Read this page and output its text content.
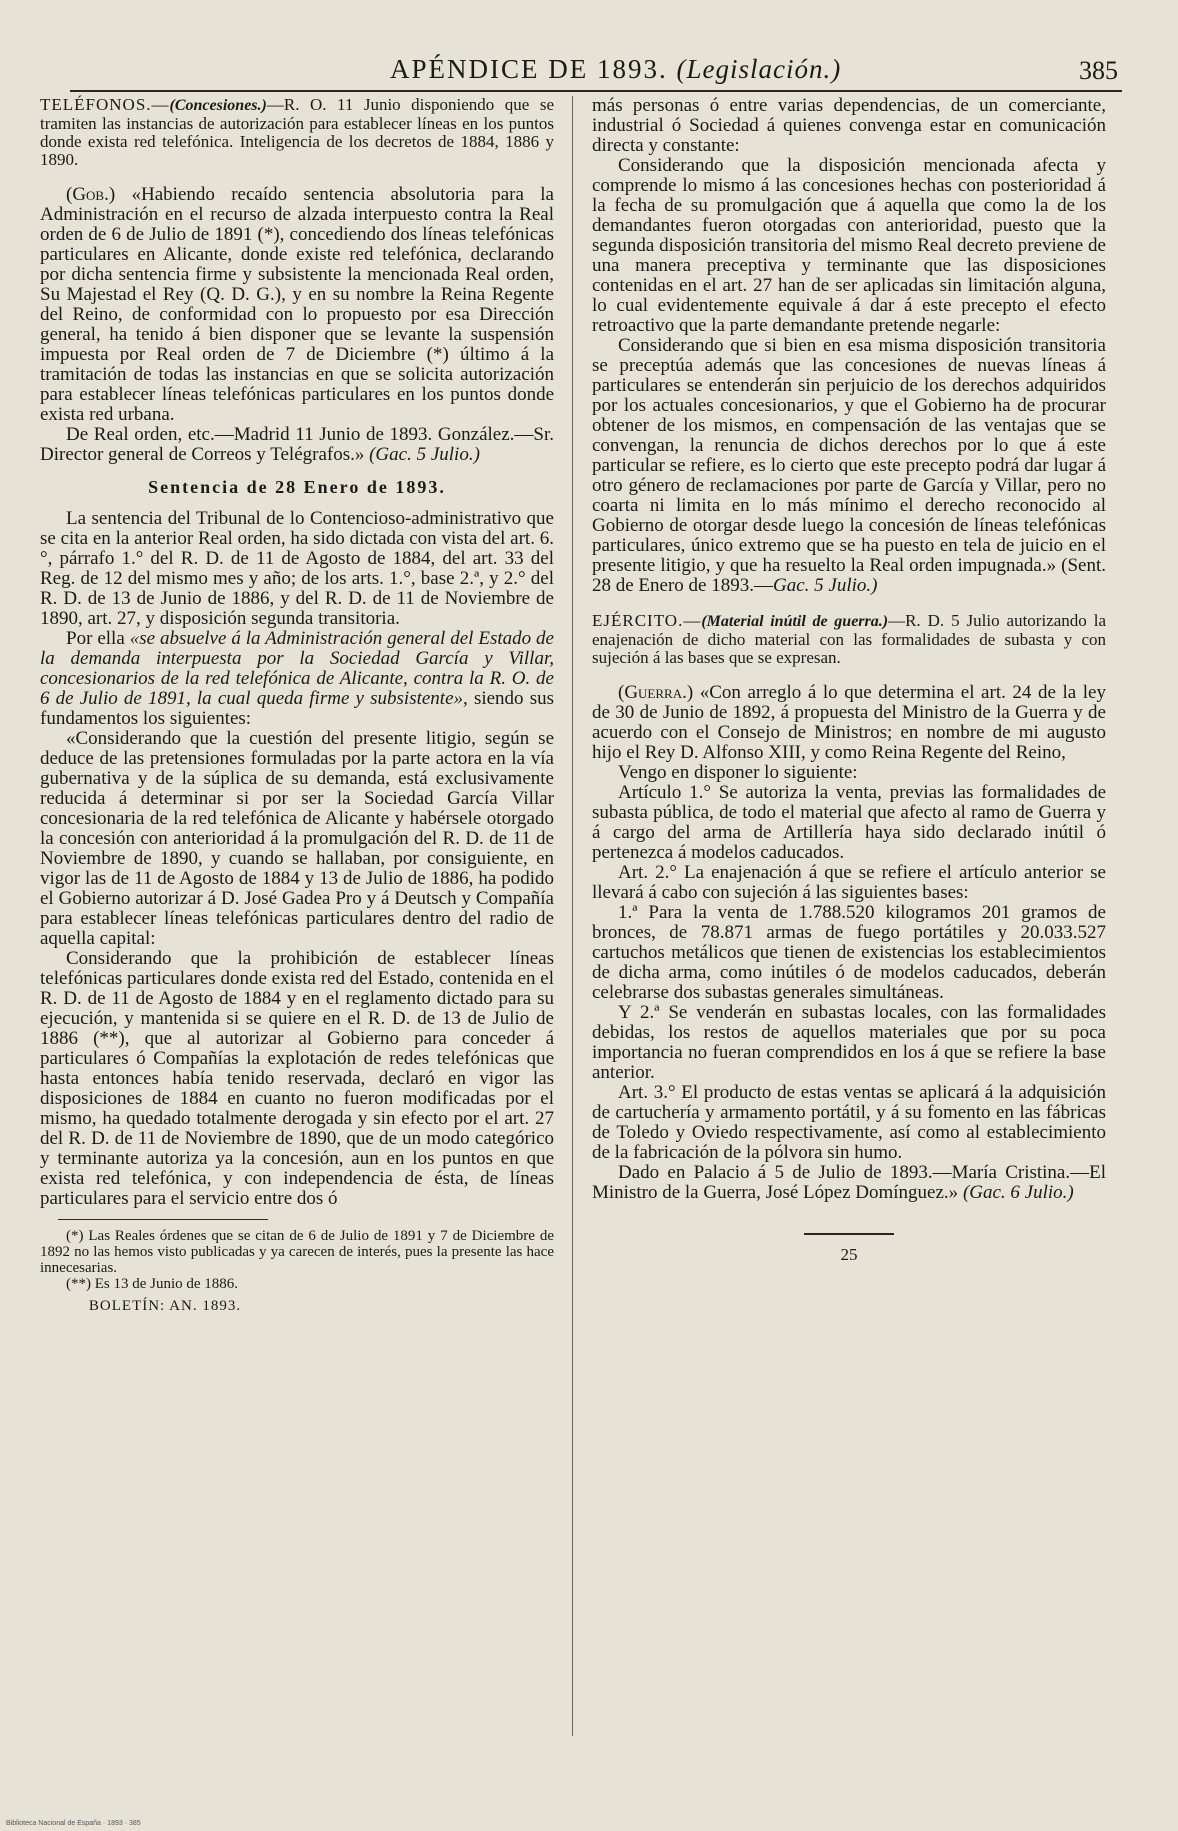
APÉNDICE DE 1893. (Legislación.)	385

TELÉFONOS.—(Concesiones.)—R. O. 11 Junio disponiendo que se tramiten las instancias de autorización para establecer líneas en los puntos donde exista red telefónica. Inteligencia de los decretos de 1884, 1886 y 1890.

(Gob.) «Habiendo recaído sentencia absolutoria para la Administración en el recurso de alzada interpuesto contra la Real orden de 6 de Julio de 1891 (*), concediendo dos líneas telefónicas particulares en Alicante, donde existe red telefónica, declarando por dicha sentencia firme y subsistente la mencionada Real orden, Su Majestad el Rey (Q. D. G.), y en su nombre la Reina Regente del Reino, de conformidad con lo propuesto por esa Dirección general, ha tenido á bien disponer que se levante la suspensión impuesta por Real orden de 7 de Diciembre (*) último á la tramitación de todas las instancias en que se solicita autorización para establecer líneas telefónicas particulares en los puntos donde exista red urbana.

De Real orden, etc.—Madrid 11 Junio de 1893. González.—Sr. Director general de Correos y Telégrafos.» (Gac. 5 Julio.)

Sentencia de 28 Enero de 1893.

La sentencia del Tribunal de lo Contencioso-administrativo que se cita en la anterior Real orden, ha sido dictada con vista del art. 6.°, párrafo 1.° del R. D. de 11 de Agosto de 1884, del art. 33 del Reg. de 12 del mismo mes y año; de los arts. 1.°, base 2.ª, y 2.° del R. D. de 13 de Junio de 1886, y del R. D. de 11 de Noviembre de 1890, art. 27, y disposición segunda transitoria.

Por ella «se absuelve á la Administración general del Estado de la demanda interpuesta por la Sociedad García y Villar, concesionarios de la red telefónica de Alicante, contra la R. O. de 6 de Julio de 1891, la cual queda firme y subsistente», siendo sus fundamentos los siguientes:

«Considerando que la cuestión del presente litigio, según se deduce de las pretensiones formuladas por la parte actora en la vía gubernativa y de la súplica de su demanda, está exclusivamente reducida á determinar si por ser la Sociedad García Villar concesionaria de la red telefónica de Alicante y habérsele otorgado la concesión con anterioridad á la promulgación del R. D. de 11 de Noviembre de 1890, y cuando se hallaban, por consiguiente, en vigor las de 11 de Agosto de 1884 y 13 de Julio de 1886, ha podido el Gobierno autorizar á D. José Gadea Pro y á Deutsch y Compañía para establecer líneas telefónicas particulares dentro del radio de aquella capital:

Considerando que la prohibición de establecer líneas telefónicas particulares donde exista red del Estado, contenida en el R. D. de 11 de Agosto de 1884 y en el reglamento dictado para su ejecución, y mantenida si se quiere en el R. D. de 13 de Julio de 1886 (**), que al autorizar al Gobierno para conceder á particulares ó Compañías la explotación de redes telefónicas que hasta entonces había tenido reservada, declaró en vigor las disposiciones de 1884 en cuanto no fueron modificadas por el mismo, ha quedado totalmente derogada y sin efecto por el art. 27 del R. D. de 11 de Noviembre de 1890, que de un modo categórico y terminante autoriza ya la concesión, aun en los puntos en que exista red telefónica, y con independencia de ésta, de líneas particulares para el servicio entre dos ó

(*) Las Reales órdenes que se citan de 6 de Julio de 1891 y 7 de Diciembre de 1892 no las hemos visto publicadas y ya carecen de interés, pues la presente las hace innecesarias.

(**) Es 13 de Junio de 1886.

BOLETÍN: AN. 1893.

más personas ó entre varias dependencias, de un comerciante, industrial ó Sociedad á quienes convenga estar en comunicación directa y constante:

Considerando que la disposición mencionada afecta y comprende lo mismo á las concesiones hechas con posterioridad á la fecha de su promulgación que á aquella que como la de los demandantes fueron otorgadas con anterioridad, puesto que la segunda disposición transitoria del mismo Real decreto previene de una manera preceptiva y terminante que las disposiciones contenidas en el art. 27 han de ser aplicadas sin limitación alguna, lo cual evidentemente equivale á dar á este precepto el efecto retroactivo que la parte demandante pretende negarle:

Considerando que si bien en esa misma disposición transitoria se preceptúa además que las concesiones de nuevas líneas á particulares se entenderán sin perjuicio de los derechos adquiridos por los actuales concesionarios, y que el Gobierno ha de procurar obtener de los mismos, en compensación de las ventajas que se convengan, la renuncia de dichos derechos por lo que á este particular se refiere, es lo cierto que este precepto podrá dar lugar á otro género de reclamaciones por parte de García y Villar, pero no coarta ni limita en lo más mínimo el derecho reconocido al Gobierno de otorgar desde luego la concesión de líneas telefónicas particulares, único extremo que se ha puesto en tela de juicio en el presente litigio, y que ha resuelto la Real orden impugnada.» (Sent. 28 de Enero de 1893.—Gac. 5 Julio.)

EJÉRCITO.—(Material inútil de guerra.)—R. D. 5 Julio autorizando la enajenación de dicho material con las formalidades de subasta y con sujeción á las bases que se expresan.

(Guerra.) «Con arreglo á lo que determina el art. 24 de la ley de 30 de Junio de 1892, á propuesta del Ministro de la Guerra y de acuerdo con el Consejo de Ministros; en nombre de mi augusto hijo el Rey D. Alfonso XIII, y como Reina Regente del Reino,

Vengo en disponer lo siguiente:

Artículo 1.° Se autoriza la venta, previas las formalidades de subasta pública, de todo el material que afecto al ramo de Guerra y á cargo del arma de Artillería haya sido declarado inútil ó pertenezca á modelos caducados.

Art. 2.° La enajenación á que se refiere el artículo anterior se llevará á cabo con sujeción á las siguientes bases:

1.ª Para la venta de 1.788.520 kilogramos 201 gramos de bronces, de 78.871 armas de fuego portátiles y 20.033.527 cartuchos metálicos que tienen de existencias los establecimientos de dicha arma, como inútiles ó de modelos caducados, deberán celebrarse dos subastas generales simultáneas.

Y 2.ª Se venderán en subastas locales, con las formalidades debidas, los restos de aquellos materiales que por su poca importancia no fueran comprendidos en los á que se refiere la base anterior.

Art. 3.° El producto de estas ventas se aplicará á la adquisición de cartuchería y armamento portátil, y á su fomento en las fábricas de Toledo y Oviedo respectivamente, así como al establecimiento de la fabricación de la pólvora sin humo.

Dado en Palacio á 5 de Julio de 1893.—María Cristina.—El Ministro de la Guerra, José López Domínguez.» (Gac. 6 Julio.)

25
Biblioteca Nacional de España · 1893 · 385
